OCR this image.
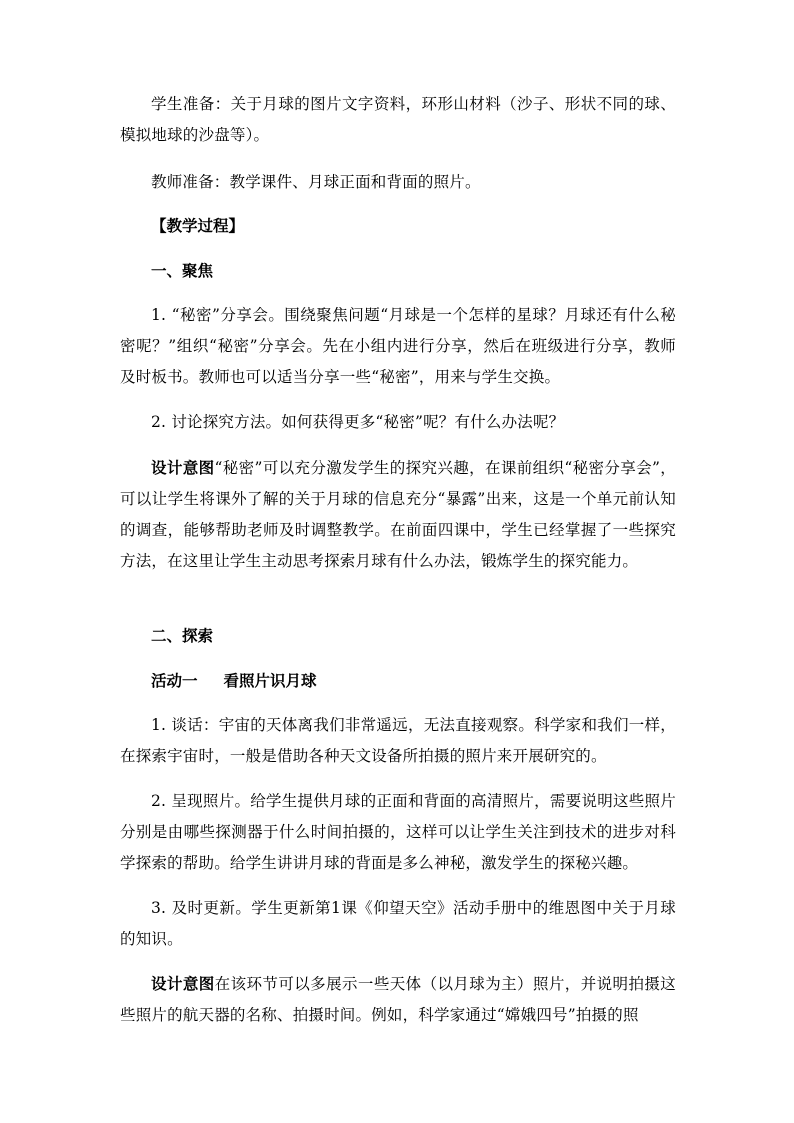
学生准备：关于月球的图片文字资料，环形山材料（沙子、形状不同的球、模拟地球的沙盘等）。

教师准备：教学课件、月球正面和背面的照片。

【教学过程】

一、聚焦

1. “秘密”分享会。围绕聚焦问题“月球是一个怎样的星球？月球还有什么秘密呢？”组织“秘密”分享会。先在小组内进行分享，然后在班级进行分享，教师及时板书。教师也可以适当分享一些“秘密”，用来与学生交换。

2. 讨论探究方法。如何获得更多“秘密”呢？有什么办法呢？

设计意图“秘密”可以充分激发学生的探究兴趣，在课前组织“秘密分享会”，可以让学生将课外了解的关于月球的信息充分“暴露”出来，这是一个单元前认知的调查，能够帮助老师及时调整教学。在前面四课中，学生已经掌握了一些探究方法，在这里让学生主动思考探索月球有什么办法，锻炼学生的探究能力。

二、探索

活动一 看照片识月球

1. 谈话：宇宙的天体离我们非常遥远，无法直接观察。科学家和我们一样，在探索宇宙时，一般是借助各种天文设备所拍摄的照片来开展研究的。

2. 呈现照片。给学生提供月球的正面和背面的高清照片，需要说明这些照片分别是由哪些探测器于什么时间拍摄的，这样可以让学生关注到技术的进步对科学探索的帮助。给学生讲讲月球的背面是多么神秘，激发学生的探秘兴趣。

3. 及时更新。学生更新第1课《仰望天空》活动手册中的维恩图中关于月球的知识。

设计意图在该环节可以多展示一些天体（以月球为主）照片，并说明拍摄这些照片的航天器的名称、拍摄时间。例如，科学家通过“嫦娥四号”拍摄的照
